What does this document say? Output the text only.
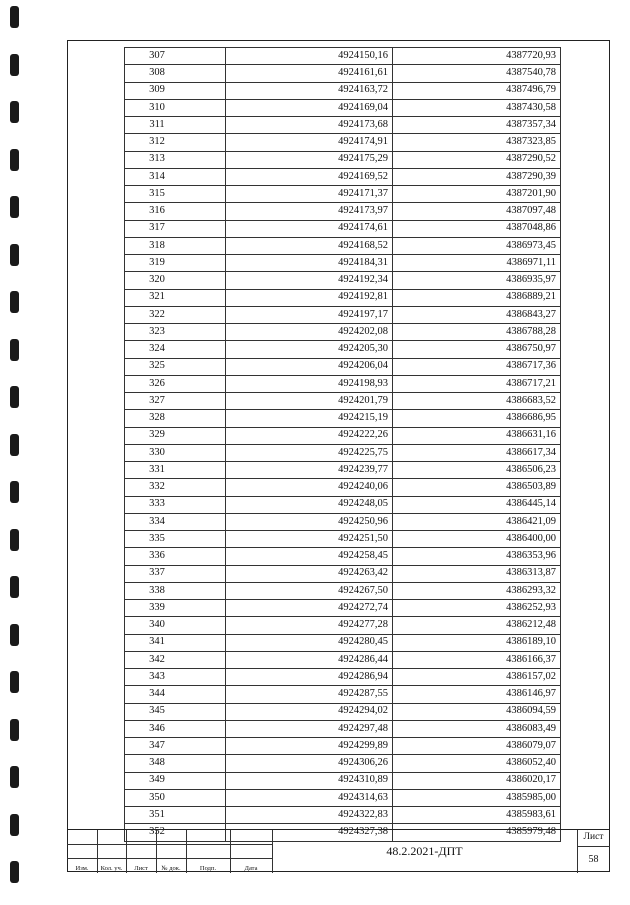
307	4924150,16	4387720,93
308	4924161,61	4387540,78
309	4924163,72	4387496,79
310	4924169,04	4387430,58
311	4924173,68	4387357,34
312	4924174,91	4387323,85
313	4924175,29	4387290,52
314	4924169,52	4387290,39
315	4924171,37	4387201,90
316	4924173,97	4387097,48
317	4924174,61	4387048,86
318	4924168,52	4386973,45
319	4924184,31	4386971,11
320	4924192,34	4386935,97
321	4924192,81	4386889,21
322	4924197,17	4386843,27
323	4924202,08	4386788,28
324	4924205,30	4386750,97
325	4924206,04	4386717,36
326	4924198,93	4386717,21
327	4924201,79	4386683,52
328	4924215,19	4386686,95
329	4924222,26	4386631,16
330	4924225,75	4386617,34
331	4924239,77	4386506,23
332	4924240,06	4386503,89
333	4924248,05	4386445,14
334	4924250,96	4386421,09
335	4924251,50	4386400,00
336	4924258,45	4386353,96
337	4924263,42	4386313,87
338	4924267,50	4386293,32
339	4924272,74	4386252,93
340	4924277,28	4386212,48
341	4924280,45	4386189,10
342	4924286,44	4386166,37
343	4924286,94	4386157,02
344	4924287,55	4386146,97
345	4924294,02	4386094,59
346	4924297,48	4386083,49
347	4924299,89	4386079,07
348	4924306,26	4386052,40
349	4924310,89	4386020,17
350	4924314,63	4385985,00
351	4924322,83	4385983,61
352	4924327,38	4385979,48
Изм.	Кол. уч.	Лист	№ док.	Подп.	Дата
48.2.2021-ДПТ
Лист
58
